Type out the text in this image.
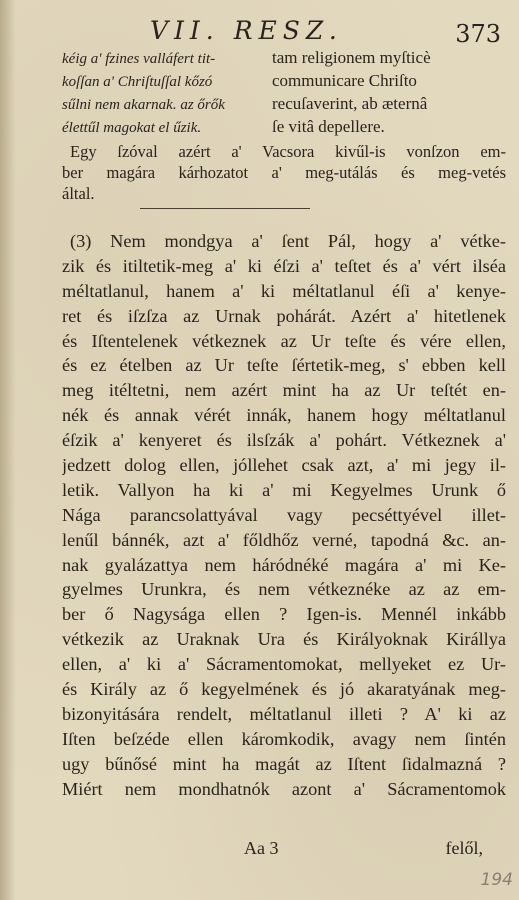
VII. RESZ.	373
kéig a' fzines valláfert tit-	tam religionem myſticè
koſſan a' Chriſtuſſal kőzó	communicare Chriſto
sűlni nem akarnak. az őrők	recuſaverint, ab æternâ
élettűl magokat el űzik.	ſe vitâ depellere.
Egy ſzóval azért a' Vacsora kivűl-is vonſzon em-
ber magára kárhozatot a' meg-utálás és meg-vetés
által.
(3) Nem mondgya a' ſent Pál, hogy a' vétke-
zik és itiltetik-meg a' ki éſzi a' teſtet és a' vért ilséa
méltatlanul, hanem a' ki méltatlanul éſi a' kenye-
ret és iſzſza az Urnak pohárát. Azért a' hitetlenek
és Iſtentelenek vétkeznek az Ur teſte és vére ellen,
és ez ételben az Ur teſte ſértetik-meg, s' ebben kell
meg itéltetni, nem azért mint ha az Ur teſtét en-
nék és annak vérét innák, hanem hogy méltatlanul
éſzik a' kenyeret és ilsſzák a' pohárt. Vétkeznek a'
jedzett dolog ellen, jóllehet csak azt, a' mi jegy il-
letik. Vallyon ha ki a' mi Kegyelmes Urunk ő
Nága parancsolattyával vagy pecséttyével illet-
lenűl bánnék, azt a' főldhőz verné, tapodná &c. an-
nak gyalázattya nem háródnéké magára a' mi Ke-
gyelmes Urunkra, és nem vétkeznéke az az em-
ber ő Nagysága ellen ? Igen-is. Mennél inkább
vétkezik az Uraknak Ura és Királyoknak Királlya
ellen, a' ki a' Sácramentomokat, mellyeket ez Ur-
és Király az ő kegyelmének és jó akaratyának meg-
bizonyitására rendelt, méltatlanul illeti ? A' ki az
Iſten beſzéde ellen káromkodik, avagy nem ſintén
ugy bűnősé mint ha magát az Iſtent ſidalmazná ?
Miért nem mondhatnók azont a' Sácramentomok
Aa 3	felől,
194
